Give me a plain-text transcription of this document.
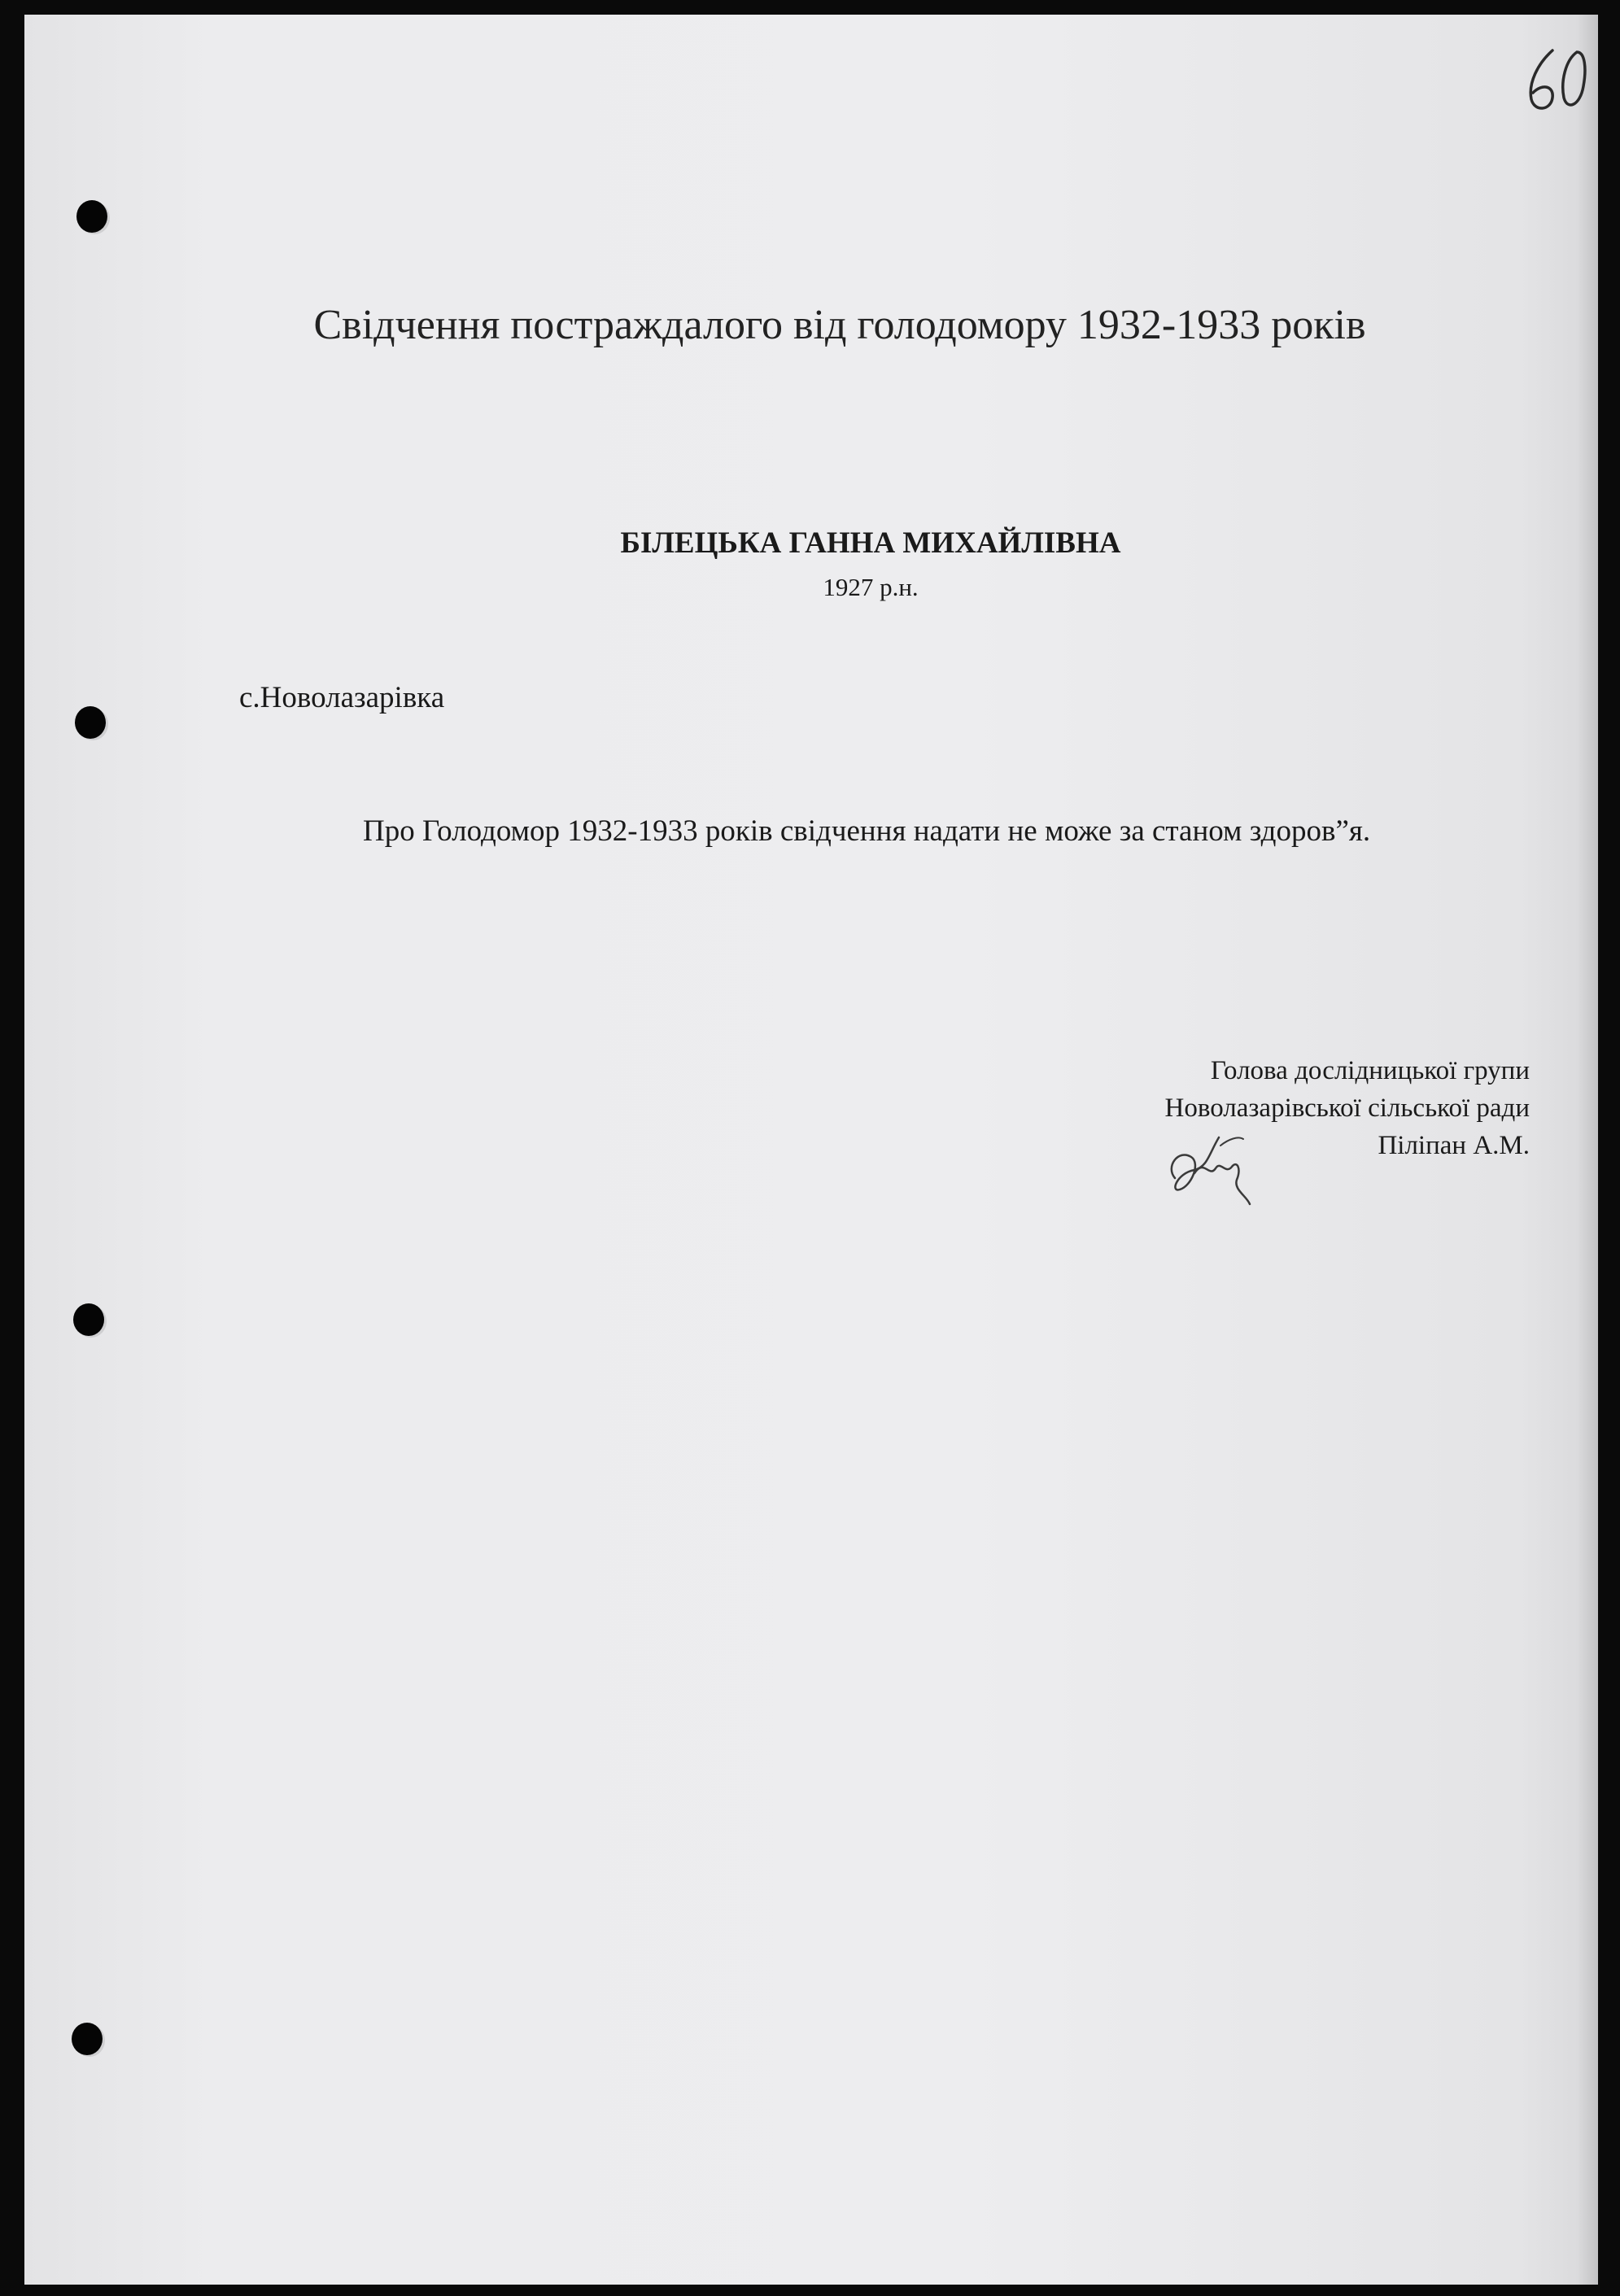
Свідчення постраждалого від голодомору 1932-1933 років
БІЛЕЦЬКА ГАННА МИХАЙЛІВНА
1927 р.н.
с.Новолазарівка
Про Голодомор 1932-1933 років свідчення надати не може за станом здоров”я.
Голова дослідницької групи
Новолазарівської сільської ради
Пілiпан А.М.
